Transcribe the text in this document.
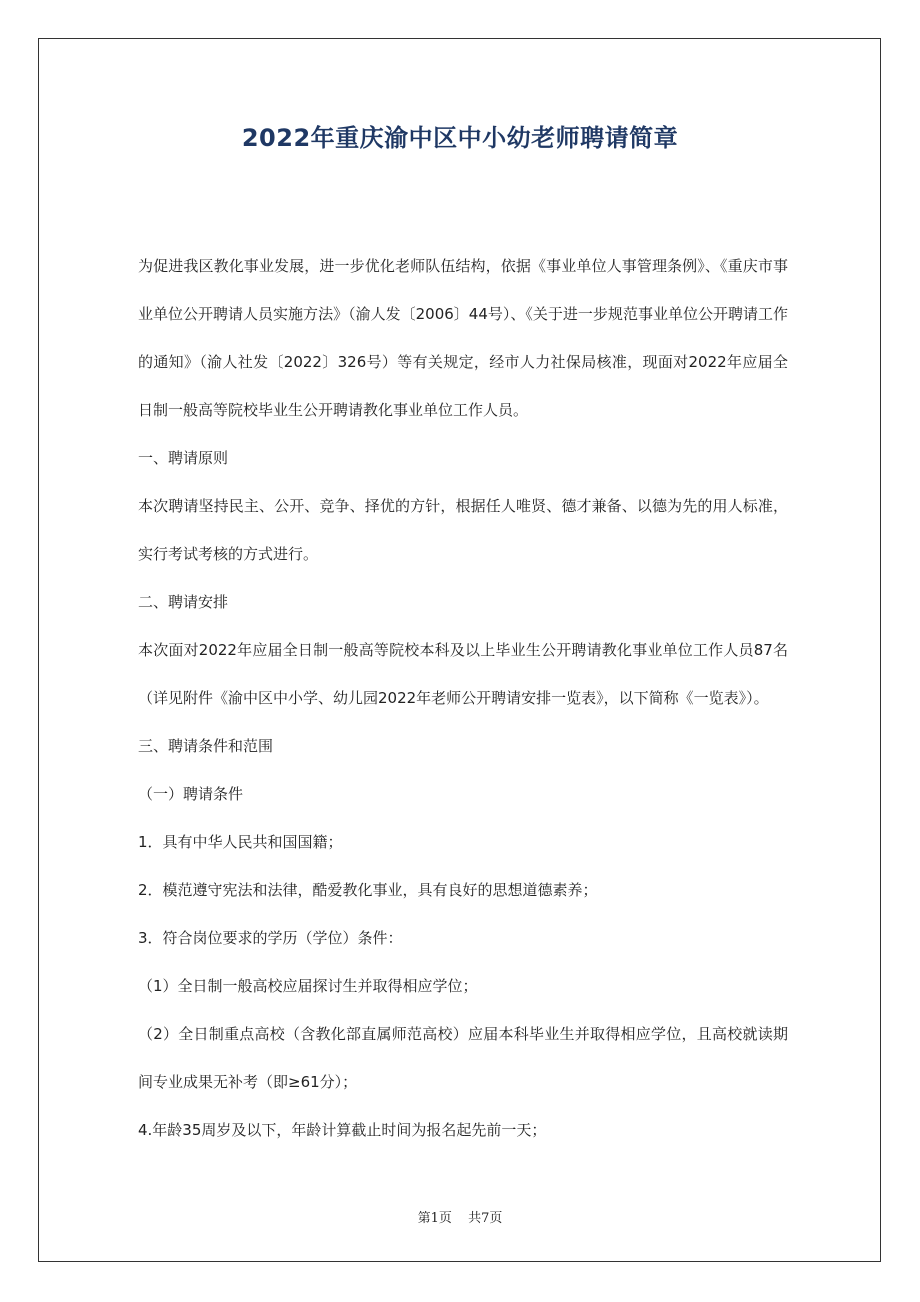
2022年重庆渝中区中小幼老师聘请简章

为促进我区教化事业发展，进一步优化老师队伍结构，依据《事业单位人事管理条例》、《重庆市事业单位公开聘请人员实施方法》（渝人发〔2006〕44号）、《关于进一步规范事业单位公开聘请工作的通知》（渝人社发〔2022〕326号）等有关规定，经市人力社保局核准，现面对2022年应届全日制一般高等院校毕业生公开聘请教化事业单位工作人员。

一、聘请原则

本次聘请坚持民主、公开、竞争、择优的方针，根据任人唯贤、德才兼备、以德为先的用人标准，实行考试考核的方式进行。

二、聘请安排

本次面对2022年应届全日制一般高等院校本科及以上毕业生公开聘请教化事业单位工作人员87名（详见附件《渝中区中小学、幼儿园2022年老师公开聘请安排一览表》，以下简称《一览表》）。

三、聘请条件和范围

（一）聘请条件

1．具有中华人民共和国国籍；

2．模范遵守宪法和法律，酷爱教化事业，具有良好的思想道德素养；

3．符合岗位要求的学历（学位）条件：

（1）全日制一般高校应届探讨生并取得相应学位；

（2）全日制重点高校（含教化部直属师范高校）应届本科毕业生并取得相应学位，且高校就读期间专业成果无补考（即≥61分）；

4.年龄35周岁及以下，年龄计算截止时间为报名起先前一天；

第1页 共7页
